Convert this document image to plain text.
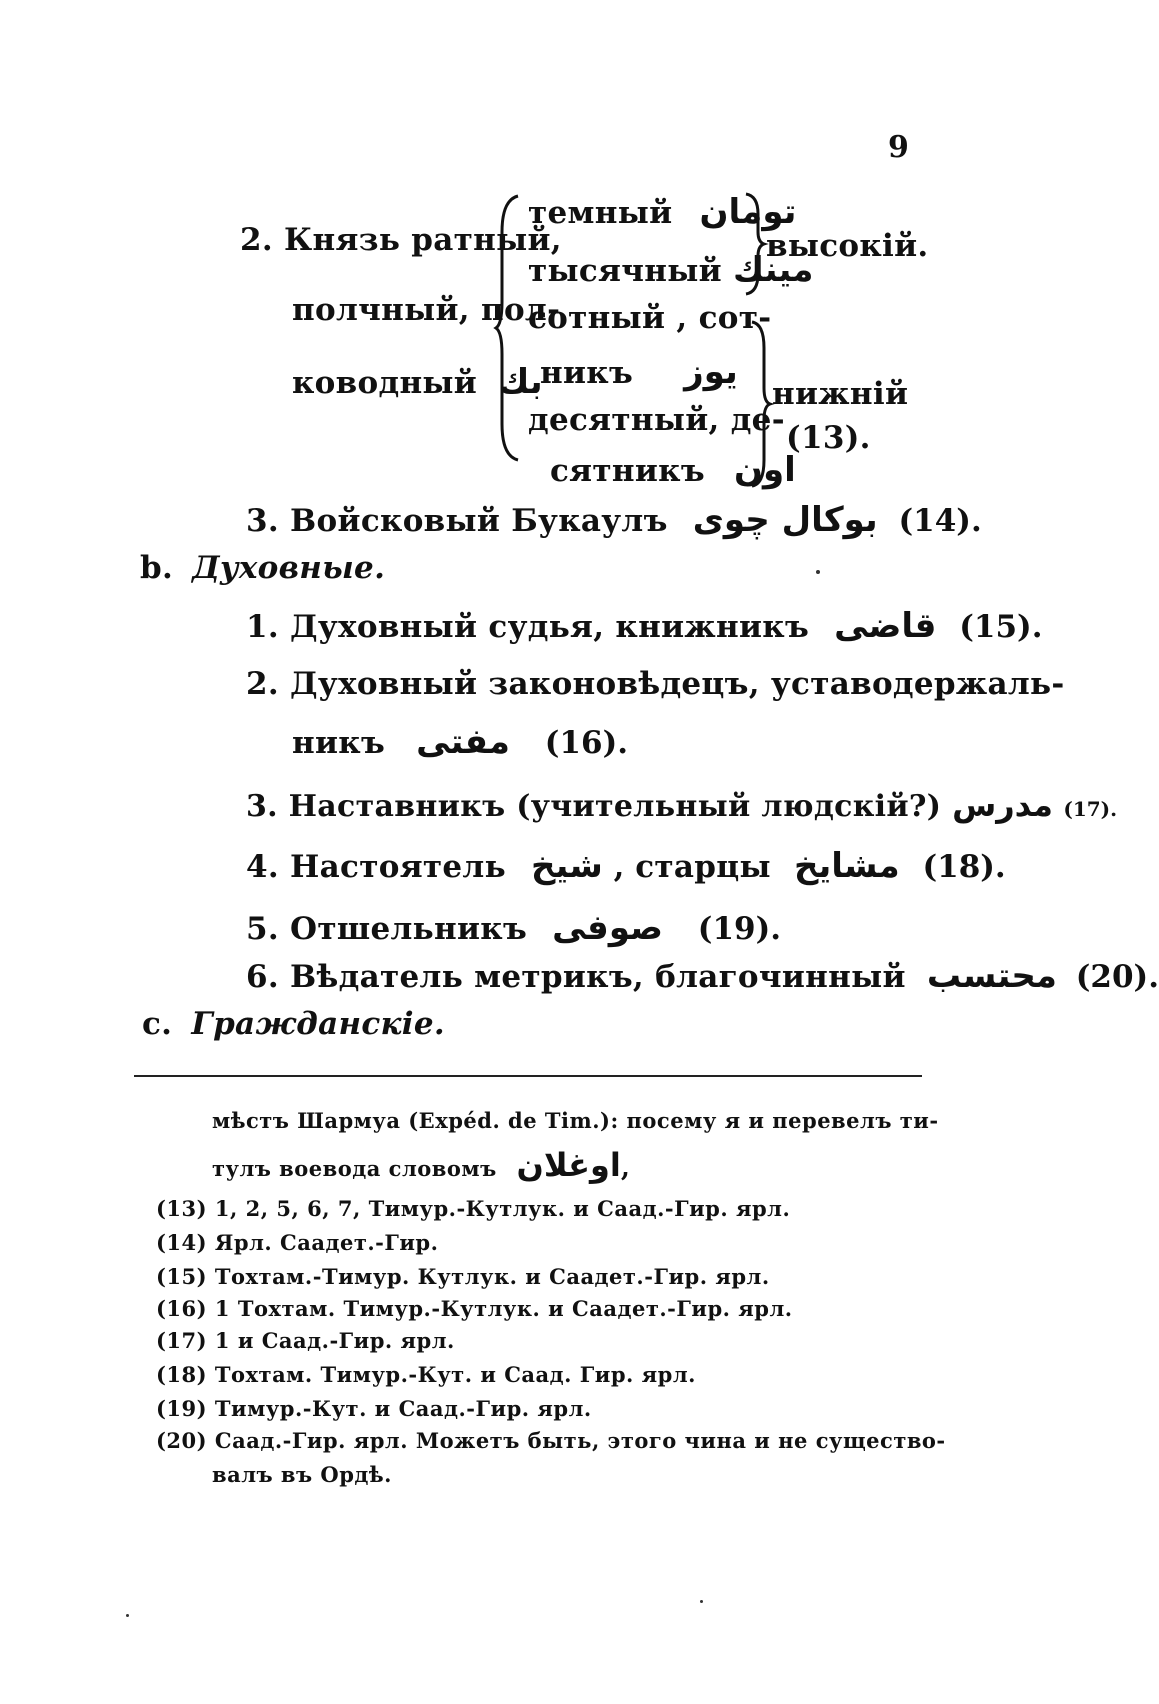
9
2. Князь ратный,
полчный, пол-
ководный بك
темный تومان
тысячный مينك
высокій.
сотный , сот-
никъ يوز
десятный, де-
сятникъ اون
нижній
(13).
3. Войсковый Букаулъ بوكال چوى (14).
b. Духовные.
1. Духовный судья, книжникъ قاضى (15).
2. Духовный законовѣдецъ, уставодержаль-
никъ مفتى (16).
3. Наставникъ (учительный людскій?) مدرس (17).
4. Настоятель شيخ , старцы مشايخ (18).
5. Отшельникъ صوفى (19).
6. Вѣдатель метрикъ, благочинный محتسب (20).
c. Гражданскіе.
мѣстъ Шармуа (Expéd. de Tim.): посему я и перевелъ ти-
тулъ воевода словомъ اوغلان,
(13) 1, 2, 5, 6, 7, Тимур.-Кутлук. и Саад.-Гир. ярл.
(14) Ярл. Саадет.-Гир.
(15) Тохтам.-Тимур. Кутлук. и Саадет.-Гир. ярл.
(16) 1 Тохтам. Тимур.-Кутлук. и Саадет.-Гир. ярл.
(17) 1 и Саад.-Гир. ярл.
(18) Тохтам. Тимур.-Кут. и Саад. Гир. ярл.
(19) Тимур.-Кут. и Саад.-Гир. ярл.
(20) Саад.-Гир. ярл. Можетъ быть, этого чина и не существо-
валъ въ Ордѣ.
